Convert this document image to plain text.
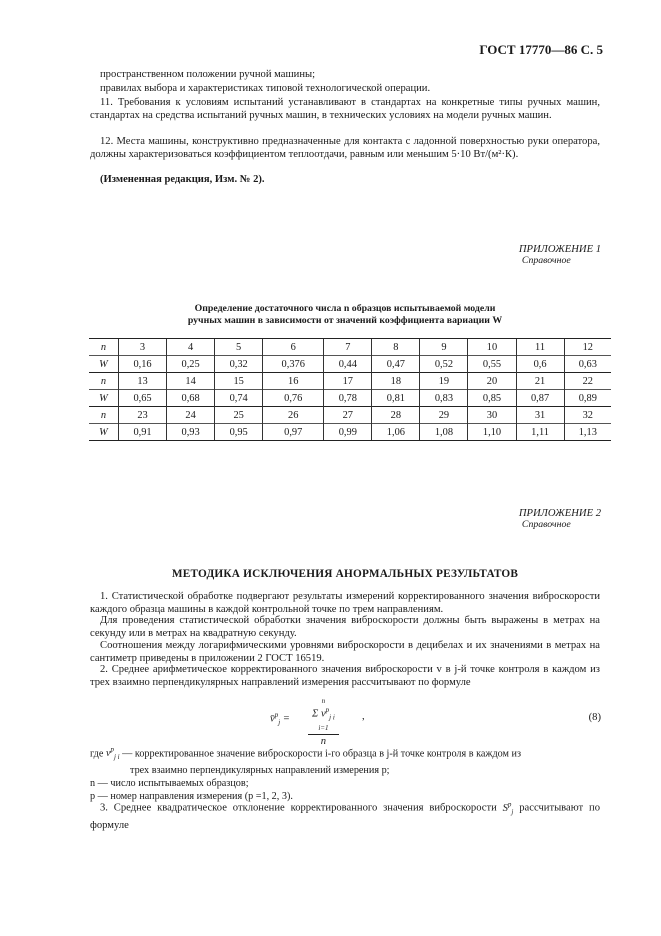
ГОСТ 17770—86 С. 5

пространственном положении ручной машины;

правилах выбора и характеристиках типовой технологической операции.

11. Требования к условиям испытаний устанавливают в стандартах на конкретные типы ручных машин, стандартах на средства испытаний ручных машин, в технических условиях на модели ручных машин.

12. Места машины, конструктивно предназначенные для контакта с ладонной поверхностью руки оператора, должны характеризоваться коэффициентом теплоотдачи, равным или меньшим 5·10 Вт/(м²·К).

(Измененная редакция, Изм. № 2).

ПРИЛОЖЕНИЕ 1
Справочное
Определение достаточного числа n образцов испытываемой модели
ручных машин в зависимости от значений коэффициента вариации W
n	3	4	5	6	7	8	9	10	11	12
W	0,16	0,25	0,32	0,376	0,44	0,47	0,52	0,55	0,6	0,63
n	13	14	15	16	17	18	19	20	21	22
W	0,65	0,68	0,74	0,76	0,78	0,81	0,83	0,85	0,87	0,89
n	23	24	25	26	27	28	29	30	31	32
W	0,91	0,93	0,95	0,97	0,99	1,06	1,08	1,10	1,11	1,13
ПРИЛОЖЕНИЕ 2
Справочное
МЕТОДИКА ИСКЛЮЧЕНИЯ АНОРМАЛЬНЫХ РЕЗУЛЬТАТОВ

1. Статистической обработке подвергают результаты измерений корректированного значения виброскорости каждого образца машины в каждой контрольной точке по трем направлениям.

Для проведения статистической обработки значения виброскорости должны быть выражены в метрах на секунду или в метрах на квадратную секунду.

Соотношения между логарифмическими уровнями виброскорости в децибелах и их значениями в метрах на сантиметр приведены в приложении 2 ГОСТ 16519.

2. Среднее арифметическое корректированного значения виброскорости v в j-й точке контроля в каждом из трех взаимно перпендикулярных направлений измерения рассчитывают по формуле

v̄$^p_j$ =
n
Σ $v^p_{j i}$
i=1
n
,	(8)
где $v^p_{j i}$ — корректированное значение виброскорости i-го образца в j-й точке контроля в каждом из
трех взаимно перпендикулярных направлений измерения p;
n — число испытываемых образцов;
p — номер направления измерения (p =1, 2, 3).

3. Среднее квадратическое отклонение корректированного значения виброскорости $S^p_j$ рассчитывают по формуле
